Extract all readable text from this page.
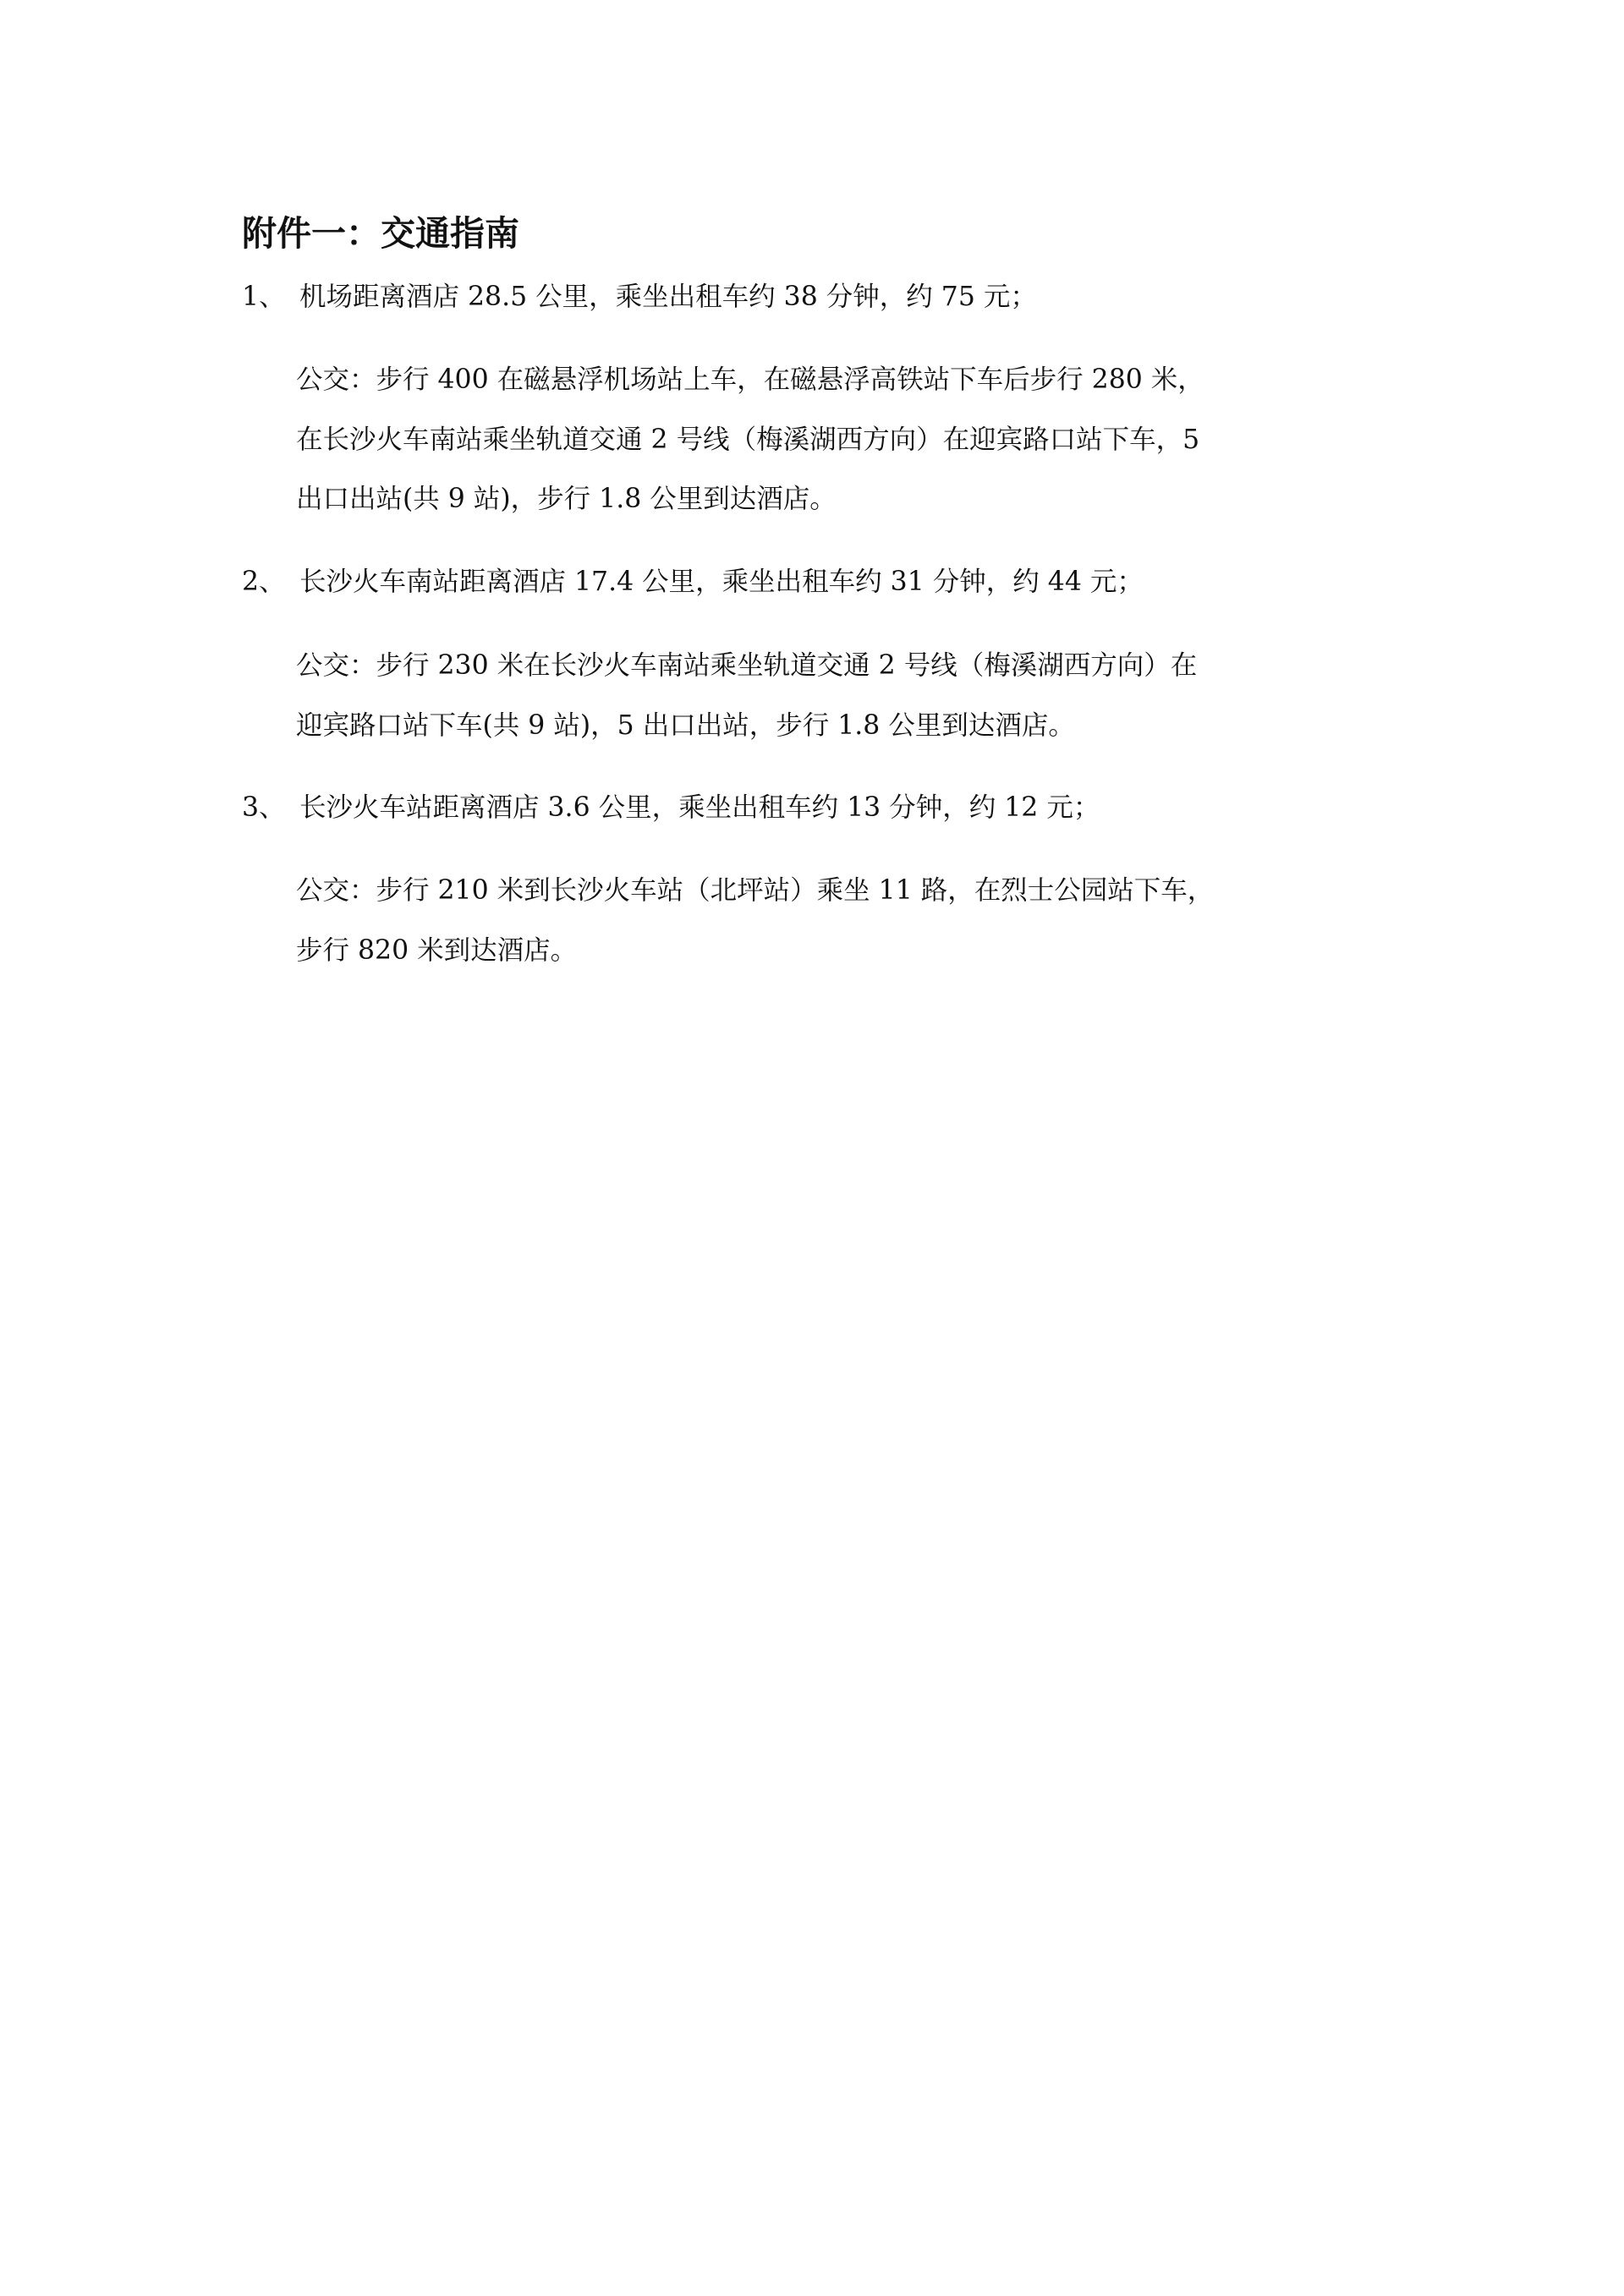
附件一：交通指南
1、 机场距离酒店 28.5 公里，乘坐出租车约 38 分钟，约 75 元；
公交：步行 400 在磁悬浮机场站上车，在磁悬浮高铁站下车后步行 280 米，
在长沙火车南站乘坐轨道交通 2 号线（梅溪湖西方向）在迎宾路口站下车，5
出口出站(共 9 站)，步行 1.8 公里到达酒店。
2、 长沙火车南站距离酒店 17.4 公里，乘坐出租车约 31 分钟，约 44 元；
公交：步行 230 米在长沙火车南站乘坐轨道交通 2 号线（梅溪湖西方向）在
迎宾路口站下车(共 9 站)，5 出口出站，步行 1.8 公里到达酒店。
3、 长沙火车站距离酒店 3.6 公里，乘坐出租车约 13 分钟，约 12 元；
公交：步行 210 米到长沙火车站（北坪站）乘坐 11 路，在烈士公园站下车，
步行 820 米到达酒店。
